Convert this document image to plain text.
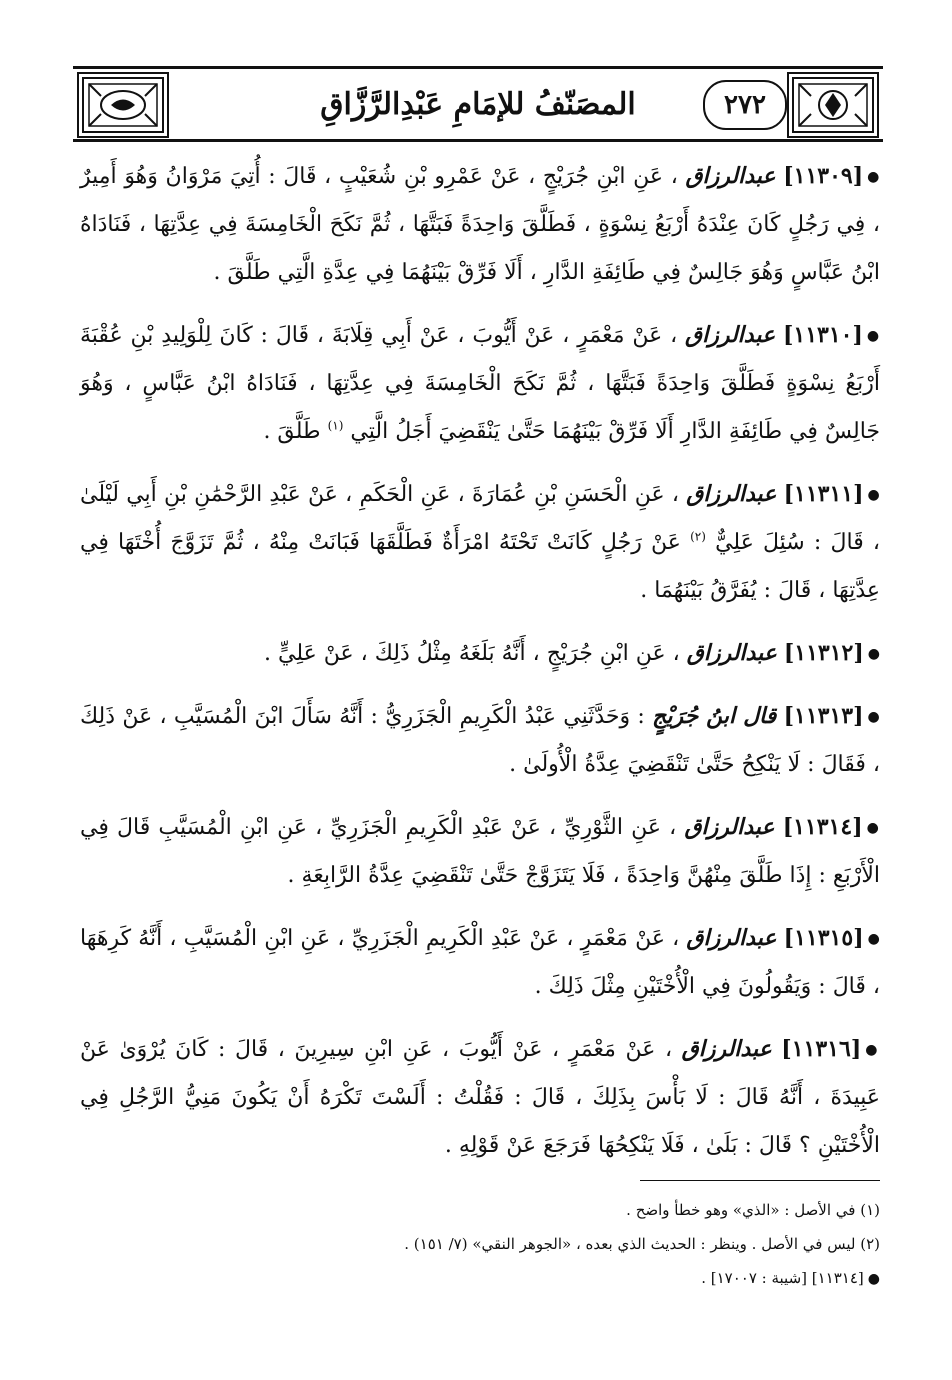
المصَنّفُ للإمَامِ عَبْدِالرَّزَّاقِ	٢٧٢

●[١١٣٠٩] عبدالرزاق ، عَنِ ابْنِ جُرَيْجٍ ، عَنْ عَمْرِو بْنِ شُعَيْبٍ ، قَالَ : أُتِيَ مَرْوَانُ وَهُوَ أَمِيرٌ ، فِي رَجُلٍ كَانَ عِنْدَهُ أَرْبَعُ نِسْوَةٍ ، فَطَلَّقَ وَاحِدَةً فَبَتَّهَا ، ثُمَّ نَكَحَ الْخَامِسَةَ فِي عِدَّتِهَا ، فَنَادَاهُ ابْنُ عَبَّاسٍ وَهُوَ جَالِسٌ فِي طَائِفَةِ الدَّارِ ، أَلَا فَرِّقْ بَيْنَهُمَا فِي عِدَّةِ الَّتِي طَلَّقَ .

●[١١٣١٠] عبدالرزاق ، عَنْ مَعْمَرٍ ، عَنْ أَيُّوبَ ، عَنْ أَبِي قِلَابَةَ ، قَالَ : كَانَ لِلْوَلِيدِ بْنِ عُقْبَةَ أَرْبَعُ نِسْوَةٍ فَطَلَّقَ وَاحِدَةً فَبَتَّهَا ، ثُمَّ نَكَحَ الْخَامِسَةَ فِي عِدَّتِهَا ، فَنَادَاهُ ابْنُ عَبَّاسٍ ، وَهُوَ جَالِسٌ فِي طَائِفَةِ الدَّارِ أَلَا فَرِّقْ بَيْنَهُمَا حَتَّىٰ يَنْقَضِيَ أَجَلُ الَّتِي $^{(١)}$ طَلَّقَ .

●[١١٣١١] عبدالرزاق ، عَنِ الْحَسَنِ بْنِ عُمَارَةَ ، عَنِ الْحَكَمِ ، عَنْ عَبْدِ الرَّحْمَٰنِ بْنِ أَبِي لَيْلَىٰ ، قَالَ : سُئِلَ عَلِيٌّ $^{(٢)}$ عَنْ رَجُلٍ كَانَتْ تَحْتَهُ امْرَأَةٌ فَطَلَّقَهَا فَبَانَتْ مِنْهُ ، ثُمَّ تَزَوَّجَ أُخْتَهَا فِي عِدَّتِهَا ، قَالَ : يُفَرَّقُ بَيْنَهُمَا .

●[١١٣١٢] عبدالرزاق ، عَنِ ابْنِ جُرَيْجٍ ، أَنَّهُ بَلَغَهُ مِثْلُ ذَلِكَ ، عَنْ عَلِيٍّ .

●[١١٣١٣] قال ابنُ جُرَيْجٍ : وَحَدَّثَنِي عَبْدُ الْكَرِيمِ الْجَزَرِيُّ : أَنَّهُ سَأَلَ ابْنَ الْمُسَيَّبِ ، عَنْ ذَلِكَ ، فَقَالَ : لَا يَنْكِحُ حَتَّىٰ تَنْقَضِيَ عِدَّةُ الْأُولَىٰ .

●[١١٣١٤] عبدالرزاق ، عَنِ الثَّوْرِيِّ ، عَنْ عَبْدِ الْكَرِيمِ الْجَزَرِيِّ ، عَنِ ابْنِ الْمُسَيَّبِ قَالَ فِي الْأَرْبَعِ : إِذَا طَلَّقَ مِنْهُنَّ وَاحِدَةً ، فَلَا يَتَزَوَّجْ حَتَّىٰ تَنْقَضِيَ عِدَّةُ الرَّابِعَةِ .

●[١١٣١٥] عبدالرزاق ، عَنْ مَعْمَرٍ ، عَنْ عَبْدِ الْكَرِيمِ الْجَزَرِيِّ ، عَنِ ابْنِ الْمُسَيَّبِ ، أَنَّهُ كَرِهَهَا ، قَالَ : وَيَقُولُونَ فِي الْأُخْتَيْنِ مِثْلَ ذَلِكَ .

●[١١٣١٦] عبدالرزاق ، عَنْ مَعْمَرٍ ، عَنْ أَيُّوبَ ، عَنِ ابْنِ سِيرِينَ ، قَالَ : كَانَ يُرْوَىٰ عَنْ عَبِيدَةَ ، أَنَّهُ قَالَ : لَا بَأْسَ بِذَلِكَ ، قَالَ : فَقُلْتُ : أَلَسْتَ تَكْرَهُ أَنْ يَكُونَ مَنِيُّ الرَّجُلِ فِي الْأُخْتَيْنِ ؟ قَالَ : بَلَىٰ ، فَلَا يَنْكِحُهَا فَرَجَعَ عَنْ قَوْلِهِ .

(١) في الأصل : «الذي» وهو خطأ واضح .

(٢) ليس في الأصل . وينظر : الحديث الذي بعده ، «الجوهر النقي» (٧/ ١٥١) .

●[١١٣١٤] [شيبة : ١٧٠٠٧] .
